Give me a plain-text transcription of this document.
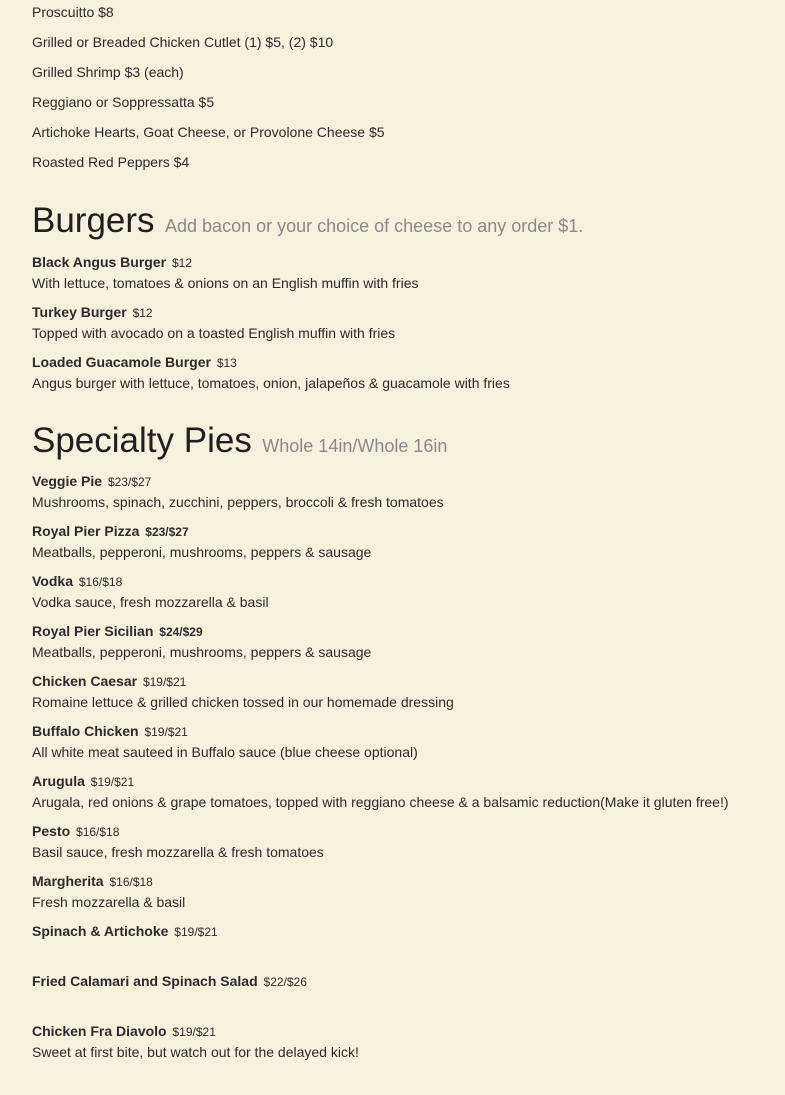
Proscuitto $8
Grilled or Breaded Chicken Cutlet (1) $5, (2) $10
Grilled Shrimp $3 (each)
Reggiano or Soppressatta $5
Artichoke Hearts, Goat Cheese, or Provolone Cheese $5
Roasted Red Peppers $4
Burgers Add bacon or your choice of cheese to any order $1.
Black Angus Burger $12
With lettuce, tomatoes & onions on an English muffin with fries
Turkey Burger $12
Topped with avocado on a toasted English muffin with fries
Loaded Guacamole Burger $13
Angus burger with lettuce, tomatoes, onion, jalapeños & guacamole with fries
Specialty Pies Whole 14in/Whole 16in
Veggie Pie $23/$27
Mushrooms, spinach, zucchini, peppers, broccoli & fresh tomatoes
Royal Pier Pizza $23/$27
Meatballs, pepperoni, mushrooms, peppers & sausage
Vodka $16/$18
Vodka sauce, fresh mozzarella & basil
Royal Pier Sicilian $24/$29
Meatballs, pepperoni, mushrooms, peppers & sausage
Chicken Caesar $19/$21
Romaine lettuce & grilled chicken tossed in our homemade dressing
Buffalo Chicken $19/$21
All white meat sauteed in Buffalo sauce (blue cheese optional)
Arugula $19/$21
Arugala, red onions & grape tomatoes, topped with reggiano cheese & a balsamic reduction(Make it gluten free!)
Pesto $16/$18
Basil sauce, fresh mozzarella & fresh tomatoes
Margherita $16/$18
Fresh mozzarella & basil
Spinach & Artichoke $19/$21
Fried Calamari and Spinach Salad $22/$26
Chicken Fra Diavolo $19/$21
Sweet at first bite, but watch out for the delayed kick!
